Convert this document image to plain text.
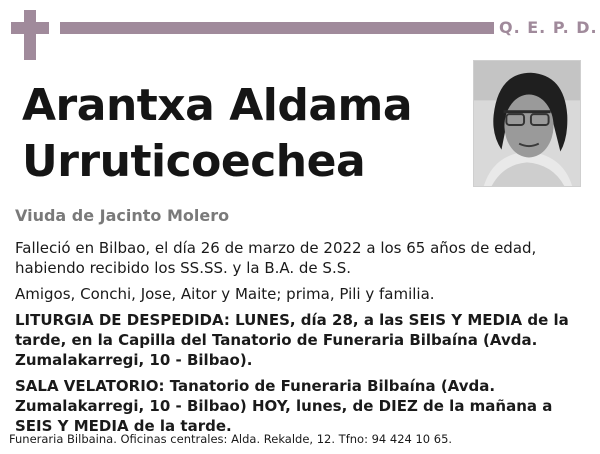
Q. E. P. D.
Arantxa Aldama
Urruticoechea
Viuda de Jacinto Molero

Falleció en Bilbao, el día 26 de marzo de 2022 a los 65 años de edad, habiendo recibido los SS.SS. y la B.A. de S.S.

Amigos, Conchi, Jose, Aitor y Maite; prima, Pili y familia.

LITURGIA DE DESPEDIDA: LUNES, día 28, a las SEIS Y MEDIA de la tarde, en la Capilla del Tanatorio de Funeraria Bilbaína (Avda. Zumalakarregi, 10 - Bilbao).

SALA VELATORIO: Tanatorio de Funeraria Bilbaína (Avda. Zumalakarregi, 10 - Bilbao) HOY, lunes, de DIEZ de la mañana a SEIS Y MEDIA de la tarde.

Funeraria Bilbaina. Oficinas centrales: Alda. Rekalde, 12. Tfno: 94 424 10 65.
